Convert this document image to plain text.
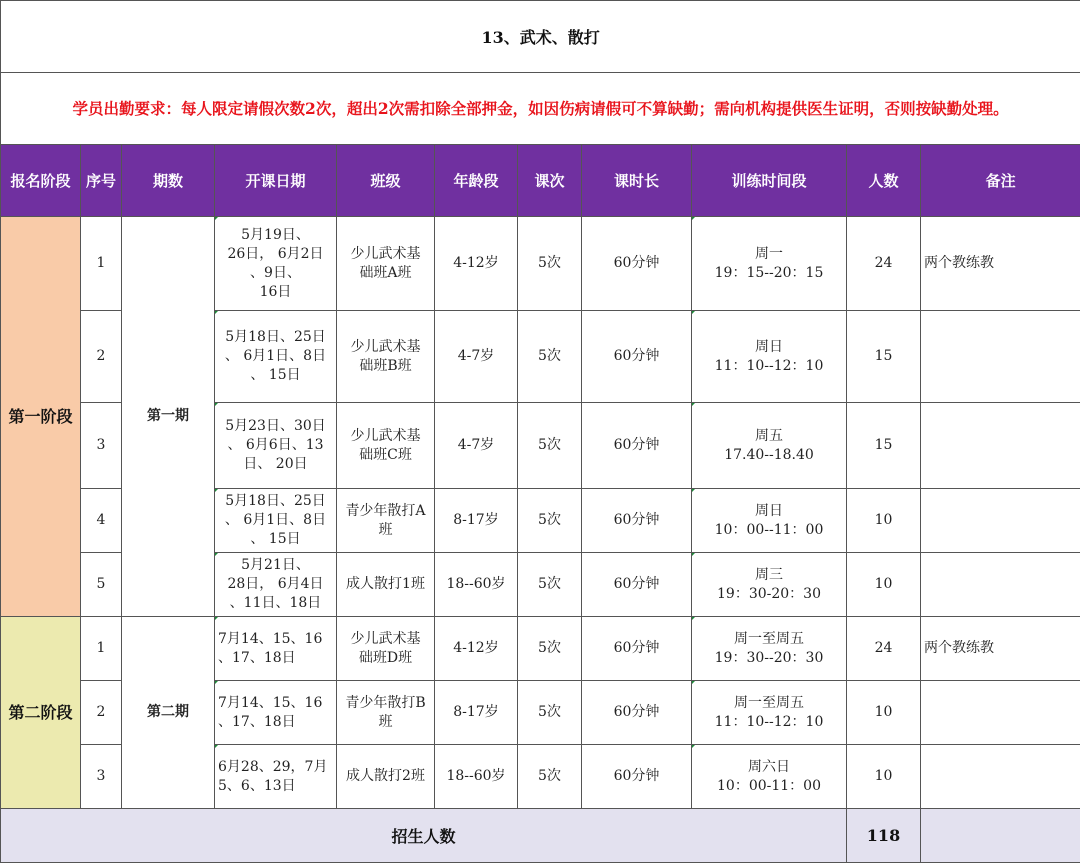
13、武术、散打										
学员出勤要求：每人限定请假次数2次，超出2次需扣除全部押金，如因伤病请假可不算缺勤；需向机构提供医生证明，否则按缺勤处理。										
报名阶段	序号	期数	开课日期	班级	年龄段	课次	课时长	训练时间段	人数	备注
第一阶段	1	第一期	5月19日、
26日， 6月2日
、9日、
16日	少儿武术基
础班A班	4-12岁	5次	60分钟	周一
19：15--20：15	24	两个教练教
	2		5月18日、25日
、 6月1日、8日
、 15日	少儿武术基
础班B班	4-7岁	5次	60分钟	周日
11：10--12：10	15	
	3		5月23日、30日
、 6月6日、13
日、 20日	少儿武术基
础班C班	4-7岁	5次	60分钟	周五
17.40--18.40	15	
	4		5月18日、25日
、 6月1日、8日
、 15日	青少年散打A
班	8-17岁	5次	60分钟	周日
10：00--11：00	10	
	5		5月21日、
28日， 6月4日
、11日、18日	成人散打1班	18--60岁	5次	60分钟	周三
19：30-20：30	10	
第二阶段	1	第二期	7月14、15、16
、17、18日	少儿武术基
础班D班	4-12岁	5次	60分钟	周一至周五
19：30--20：30	24	两个教练教
	2		7月14、15、16
、17、18日	青少年散打B
班	8-17岁	5次	60分钟	周一至周五
11：10--12：10	10	
	3		6月28、29，7月
5、6、13日	成人散打2班	18--60岁	5次	60分钟	周六日
10：00-11：00	10	
招生人数									118	
